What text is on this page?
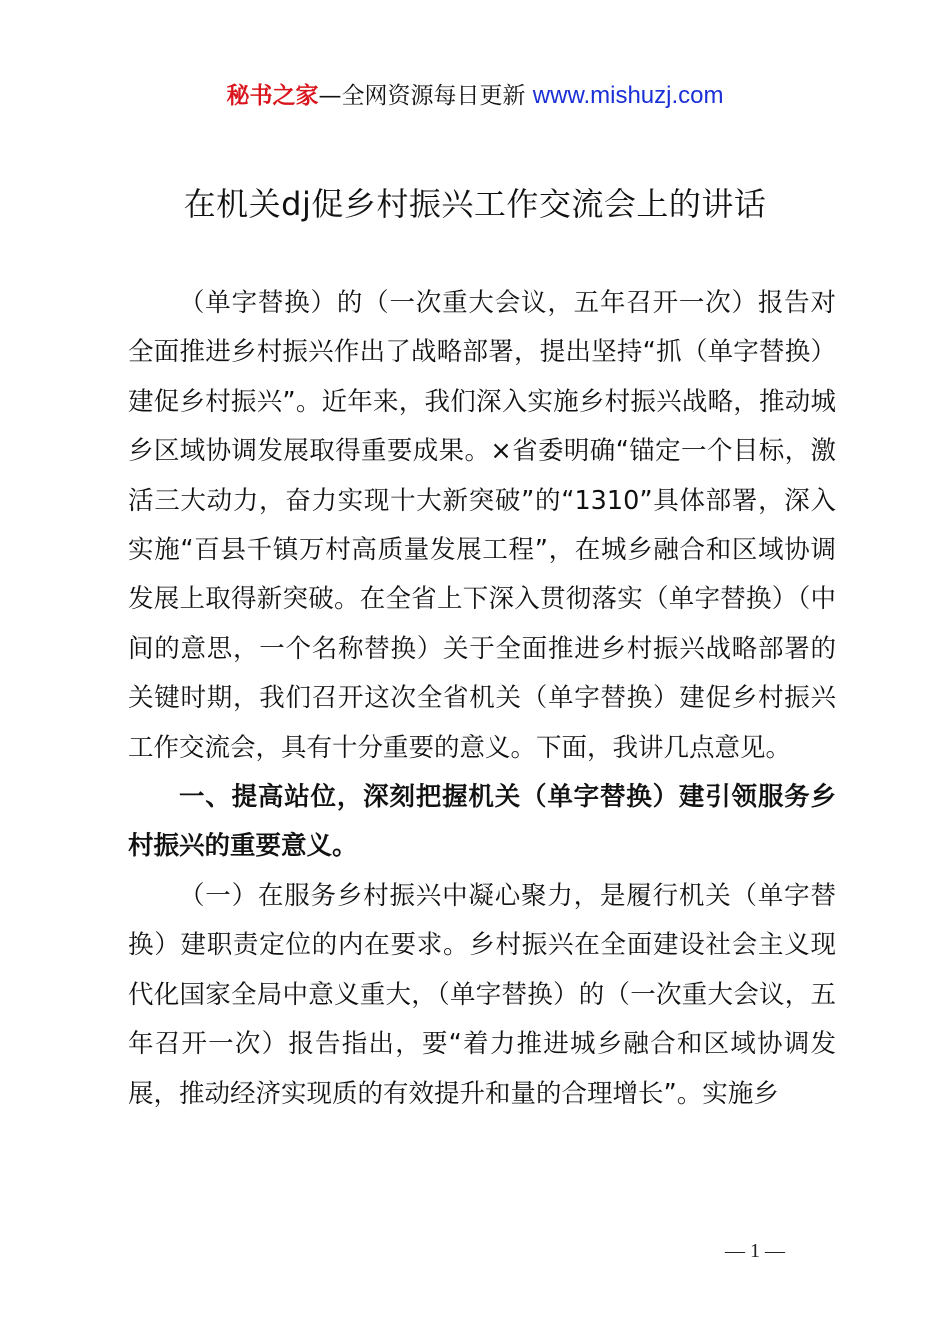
秘书之家—全网资源每日更新 www.mishuzj.com
在机关dj促乡村振兴工作交流会上的讲话

（单字替换）的（一次重大会议，五年召开一次）报告对全面推进乡村振兴作出了战略部署，提出坚持“抓（单字替换）建促乡村振兴”。近年来，我们深入实施乡村振兴战略，推动城乡区域协调发展取得重要成果。×省委明确“锚定一个目标，激活三大动力，奋力实现十大新突破”的“1310”具体部署，深入实施“百县千镇万村高质量发展工程”，在城乡融合和区域协调发展上取得新突破。在全省上下深入贯彻落实（单字替换）（中间的意思，一个名称替换）关于全面推进乡村振兴战略部署的关键时期，我们召开这次全省机关（单字替换）建促乡村振兴工作交流会，具有十分重要的意义。下面，我讲几点意见。

一、提高站位，深刻把握机关（单字替换）建引领服务乡村振兴的重要意义。

（一）在服务乡村振兴中凝心聚力，是履行机关（单字替换）建职责定位的内在要求。乡村振兴在全面建设社会主义现代化国家全局中意义重大，（单字替换）的（一次重大会议，五年召开一次）报告指出，要“着力推进城乡融合和区域协调发展，推动经济实现质的有效提升和量的合理增长”。实施乡

— 1 —
